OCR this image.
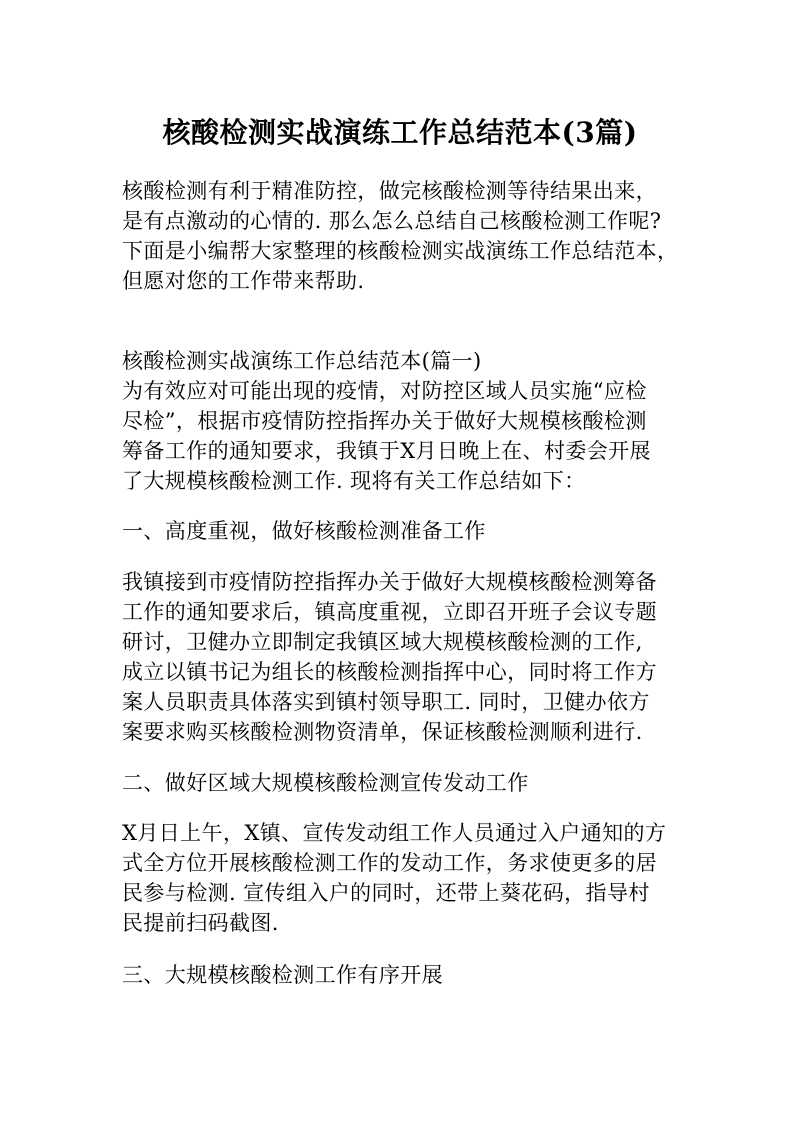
核酸检测实战演练工作总结范本(3篇)
核酸检测有利于精准防控，做完核酸检测等待结果出来，
是有点激动的心情的. 那么怎么总结自己核酸检测工作呢?
下面是小编帮大家整理的核酸检测实战演练工作总结范本，
但愿对您的工作带来帮助.
核酸检测实战演练工作总结范本(篇一)
为有效应对可能出现的疫情，对防控区域人员实施“应检
尽检”，根据市疫情防控指挥办关于做好大规模核酸检测
筹备工作的通知要求，我镇于X月日晚上在、村委会开展
了大规模核酸检测工作. 现将有关工作总结如下：
一、高度重视，做好核酸检测准备工作
我镇接到市疫情防控指挥办关于做好大规模核酸检测筹备
工作的通知要求后，镇高度重视，立即召开班子会议专题
研讨，卫健办立即制定我镇区域大规模核酸检测的工作,
成立以镇书记为组长的核酸检测指挥中心，同时将工作方
案人员职责具体落实到镇村领导职工. 同时，卫健办依方
案要求购买核酸检测物资清单，保证核酸检测顺利进行.
二、做好区域大规模核酸检测宣传发动工作
X月日上午，X镇、宣传发动组工作人员通过入户通知的方
式全方位开展核酸检测工作的发动工作，务求使更多的居
民参与检测. 宣传组入户的同时，还带上葵花码，指导村
民提前扫码截图.
三、大规模核酸检测工作有序开展
